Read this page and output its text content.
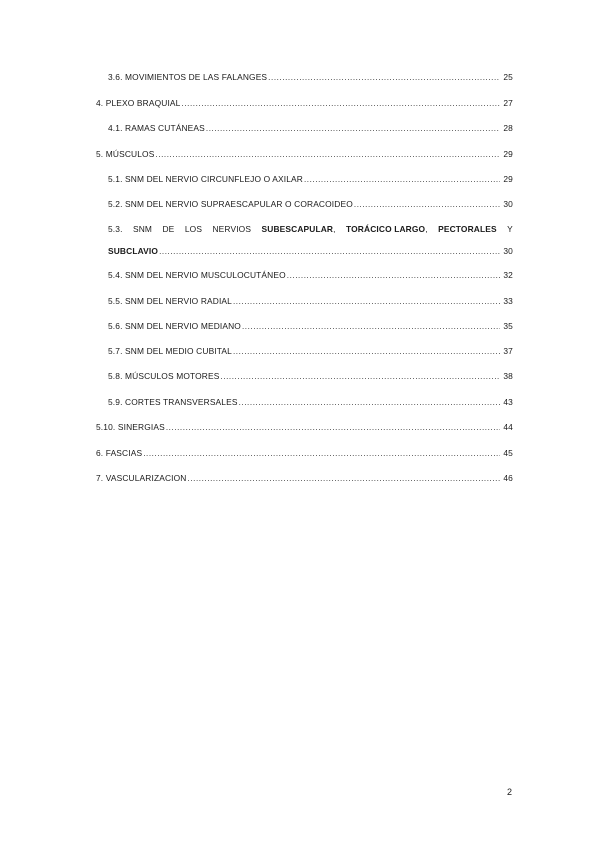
3.6. MOVIMIENTOS DE LAS FALANGES .....	25
4. PLEXO BRAQUIAL .....	27
4.1. RAMAS CUTÁNEAS .....	28
5. MÚSCULOS .....	29
5.1. SNM DEL NERVIO CIRCUNFLEJO O AXILAR .....	29
5.2. SNM DEL NERVIO SUPRAESCAPULAR O CORACOIDEO .....	30
5.3. SNM DE LOS NERVIOS SUBESCAPULAR, TORÁCICO LARGO, PECTORALES Y
SUBCLAVIO .....	30
5.4. SNM DEL NERVIO MUSCULOCUTÁNEO .....	32
5.5. SNM DEL NERVIO RADIAL .....	33
5.6. SNM DEL NERVIO MEDIANO .....	35
5.7. SNM DEL MEDIO CUBITAL .....	37
5.8. MÚSCULOS MOTORES .....	38
5.9. CORTES TRANSVERSALES .....	43
5.10. SINERGIAS .....	44
6. FASCIAS .....	45
7. VASCULARIZACION .....	46
2
